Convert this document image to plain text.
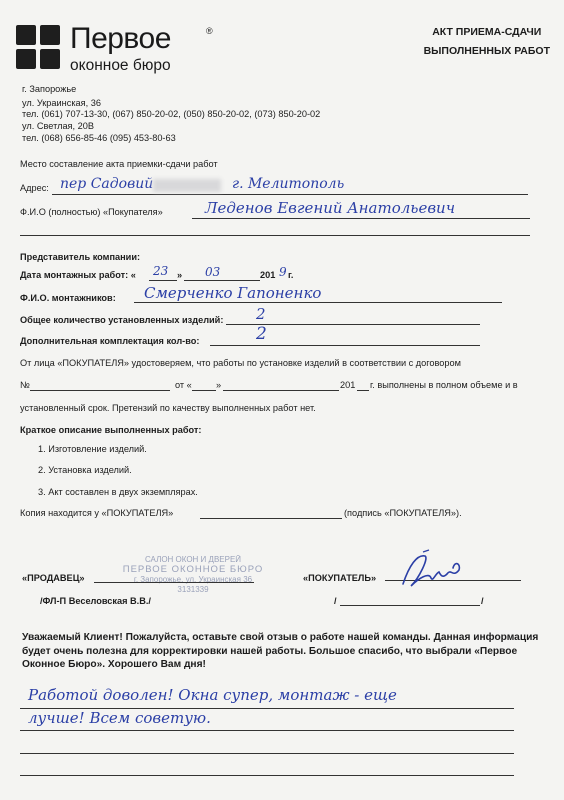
Первое	®
оконное бюро
АКТ ПРИЕМА-СДАЧИ
ВЫПОЛНЕННЫХ РАБОТ
г. Запорожье
ул. Украинская, 36
тел. (061) 707-13-30, (067) 850-20-02, (050) 850-20-02, (073) 850-20-02
ул. Светлая, 20В
тел. (068) 656-85-46 (095) 453-80-63
Место составление акта приемки-сдачи работ
Адрес: пер Садовий	г. Мелитополь
Ф.И.О (полностью) «Покупателя»	Леденов Евгений Анатольевич
Представитель компании:
Дата монтажных работ: « 23 » 03	201 9 г.
Ф.И.О. монтажников: Смерченко Гапоненко
Общее количество установленных изделий: 2
Дополнительная комплектация кол-во:	2
От лица «ПОКУПАТЕЛЯ» удостоверяем, что работы по установке изделий в соответствии с договором
№	от «	»	201 г. выполнены в полном объеме и в
установленный срок. Претензий по качеству выполненных работ нет.
Краткое описание выполненных работ:
1. Изготовление изделий.
2. Установка изделий.
3. Акт составлен в двух экземплярах.
Копия находится у «ПОКУПАТЕЛЯ»	(подпись «ПОКУПАТЕЛЯ»).
САЛОН ОКОН И ДВЕРЕЙ
ПЕРВОЕ ОКОННОЕ БЮРО
г. Запорожье, ул. Украинская 36
3131339
«ПРОДАВЕЦ»
/ФЛ-П Веселовская В.В./
«ПОКУПАТЕЛЬ»
/	/
Уважаемый Клиент! Пожалуйста, оставьте свой отзыв о работе нашей команды. Данная информация будет очень полезна для корректировки нашей работы. Большое спасибо, что выбрали «Первое Оконное Бюро». Хорошего Вам дня!
Работой доволен! Окна супер, монтаж - еще
лучше! Всем советую.
